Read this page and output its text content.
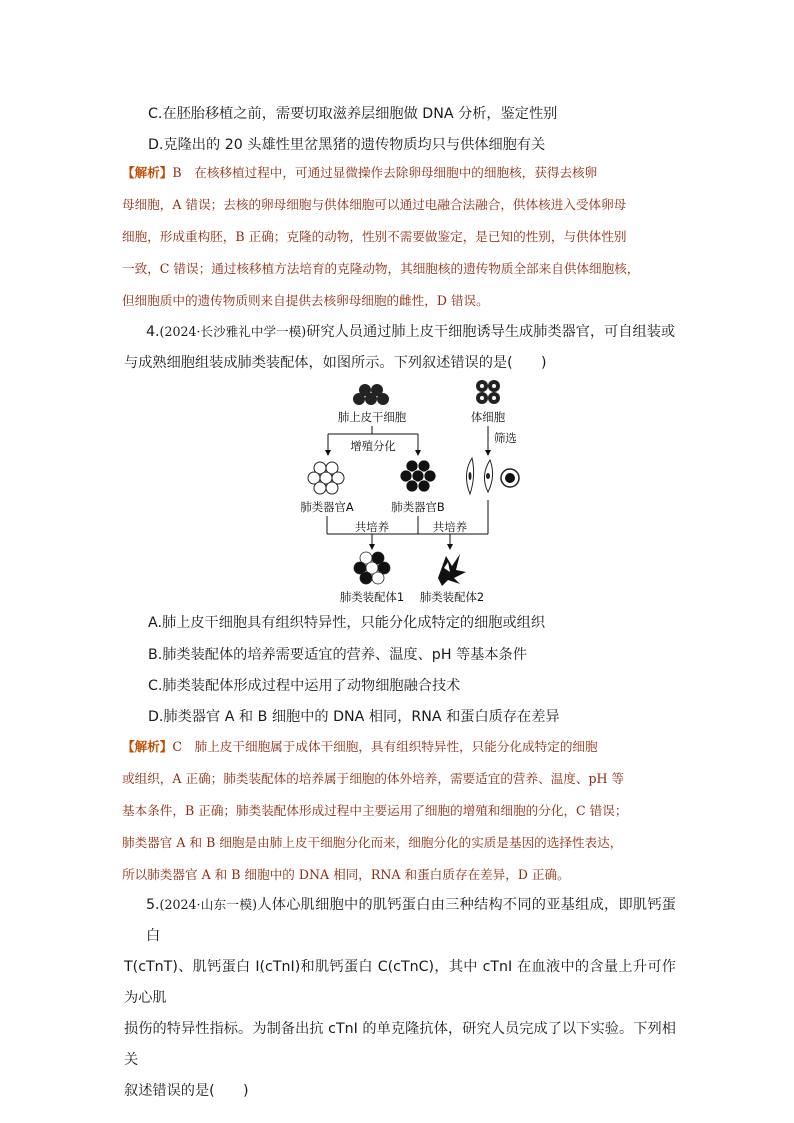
C.在胚胎移植之前，需要切取滋养层细胞做 DNA 分析，鉴定性别
D.克隆出的 20 头雄性里岔黑猪的遗传物质均只与供体细胞有关
【解析】B　在核移植过程中，可通过显微操作去除卵母细胞中的细胞核，获得去核卵
母细胞，A 错误；去核的卵母细胞与供体细胞可以通过电融合法融合，供体核进入受体卵母
细胞，形成重构胚，B 正确；克隆的动物，性别不需要做鉴定，是已知的性别，与供体性别
一致，C 错误；通过核移植方法培育的克隆动物，其细胞核的遗传物质全部来自供体细胞核，
但细胞质中的遗传物质则来自提供去核卵母细胞的雌性，D 错误。
4.(2024·长沙雅礼中学一模)研究人员通过肺上皮干细胞诱导生成肺类器官，可自组装或
与成熟细胞组装成肺类装配体，如图所示。下列叙述错误的是(　　)
肺上皮干细胞	体细胞
增殖分化
筛选
肺类器官A	肺类器官B
共培养	共培养
肺类装配体1 肺类装配体2
A.肺上皮干细胞具有组织特异性，只能分化成特定的细胞或组织
B.肺类装配体的培养需要适宜的营养、温度、pH 等基本条件
C.肺类装配体形成过程中运用了动物细胞融合技术
D.肺类器官 A 和 B 细胞中的 DNA 相同，RNA 和蛋白质存在差异
【解析】C　肺上皮干细胞属于成体干细胞，具有组织特异性，只能分化成特定的细胞
或组织，A 正确；肺类装配体的培养属于细胞的体外培养，需要适宜的营养、温度、pH 等
基本条件，B 正确；肺类装配体形成过程中主要运用了细胞的增殖和细胞的分化，C 错误；
肺类器官 A 和 B 细胞是由肺上皮干细胞分化而来，细胞分化的实质是基因的选择性表达，
所以肺类器官 A 和 B 细胞中的 DNA 相同，RNA 和蛋白质存在差异，D 正确。
5.(2024·山东一模)人体心肌细胞中的肌钙蛋白由三种结构不同的亚基组成，即肌钙蛋白
T(cTnT)、肌钙蛋白 I(cTnI)和肌钙蛋白 C(cTnC)，其中 cTnI 在血液中的含量上升可作为心肌
损伤的特异性指标。为制备出抗 cTnI 的单克隆抗体，研究人员完成了以下实验。下列相关
叙述错误的是(　　)
